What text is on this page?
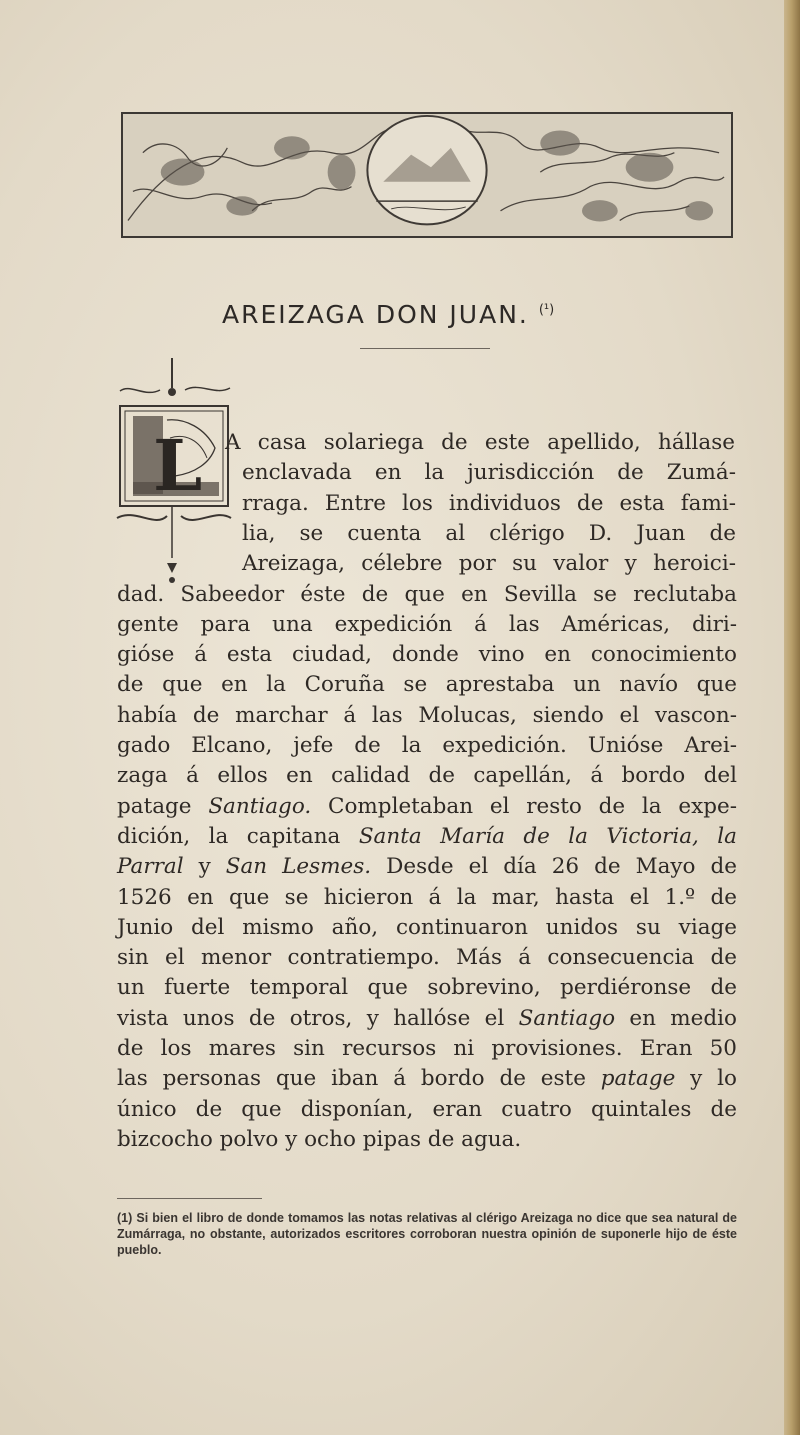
AREIZAGA DON JUAN. $^{(^1)}$
L A casa solariega de este apellido, hállase

enclavada en la jurisdicción de Zumá-

rraga. Entre los individuos de esta fami-

lia, se cuenta al clérigo D. Juan de

Areizaga, célebre por su valor y heroici-

dad. Sabeedor éste de que en Sevilla se reclutaba

gente para una expedición á las Américas, diri-

gióse á esta ciudad, donde vino en conocimiento

de que en la Coruña se aprestaba un navío que

había de marchar á las Molucas, siendo el vascon-

gado Elcano, jefe de la expedición. Unióse Arei-

zaga á ellos en calidad de capellán, á bordo del

patage Santiago. Completaban el resto de la expe-

dición, la capitana Santa María de la Victoria, la

Parral y San Lesmes. Desde el día 26 de Mayo de

1526 en que se hicieron á la mar, hasta el 1.º de

Junio del mismo año, continuaron unidos su viage

sin el menor contratiempo. Más á consecuencia de

un fuerte temporal que sobrevino, perdiéronse de

vista unos de otros, y hallóse el Santiago en medio

de los mares sin recursos ni provisiones. Eran 50

las personas que iban á bordo de este patage y lo

único de que disponían, eran cuatro quintales de

bizcocho polvo y ocho pipas de agua.

(1) Si bien el libro de donde tomamos las notas relativas al clérigo Areizaga no dice que sea natural de Zumárraga, no obstante, autorizados escritores corroboran nuestra opinión de suponerle hijo de éste pueblo.
